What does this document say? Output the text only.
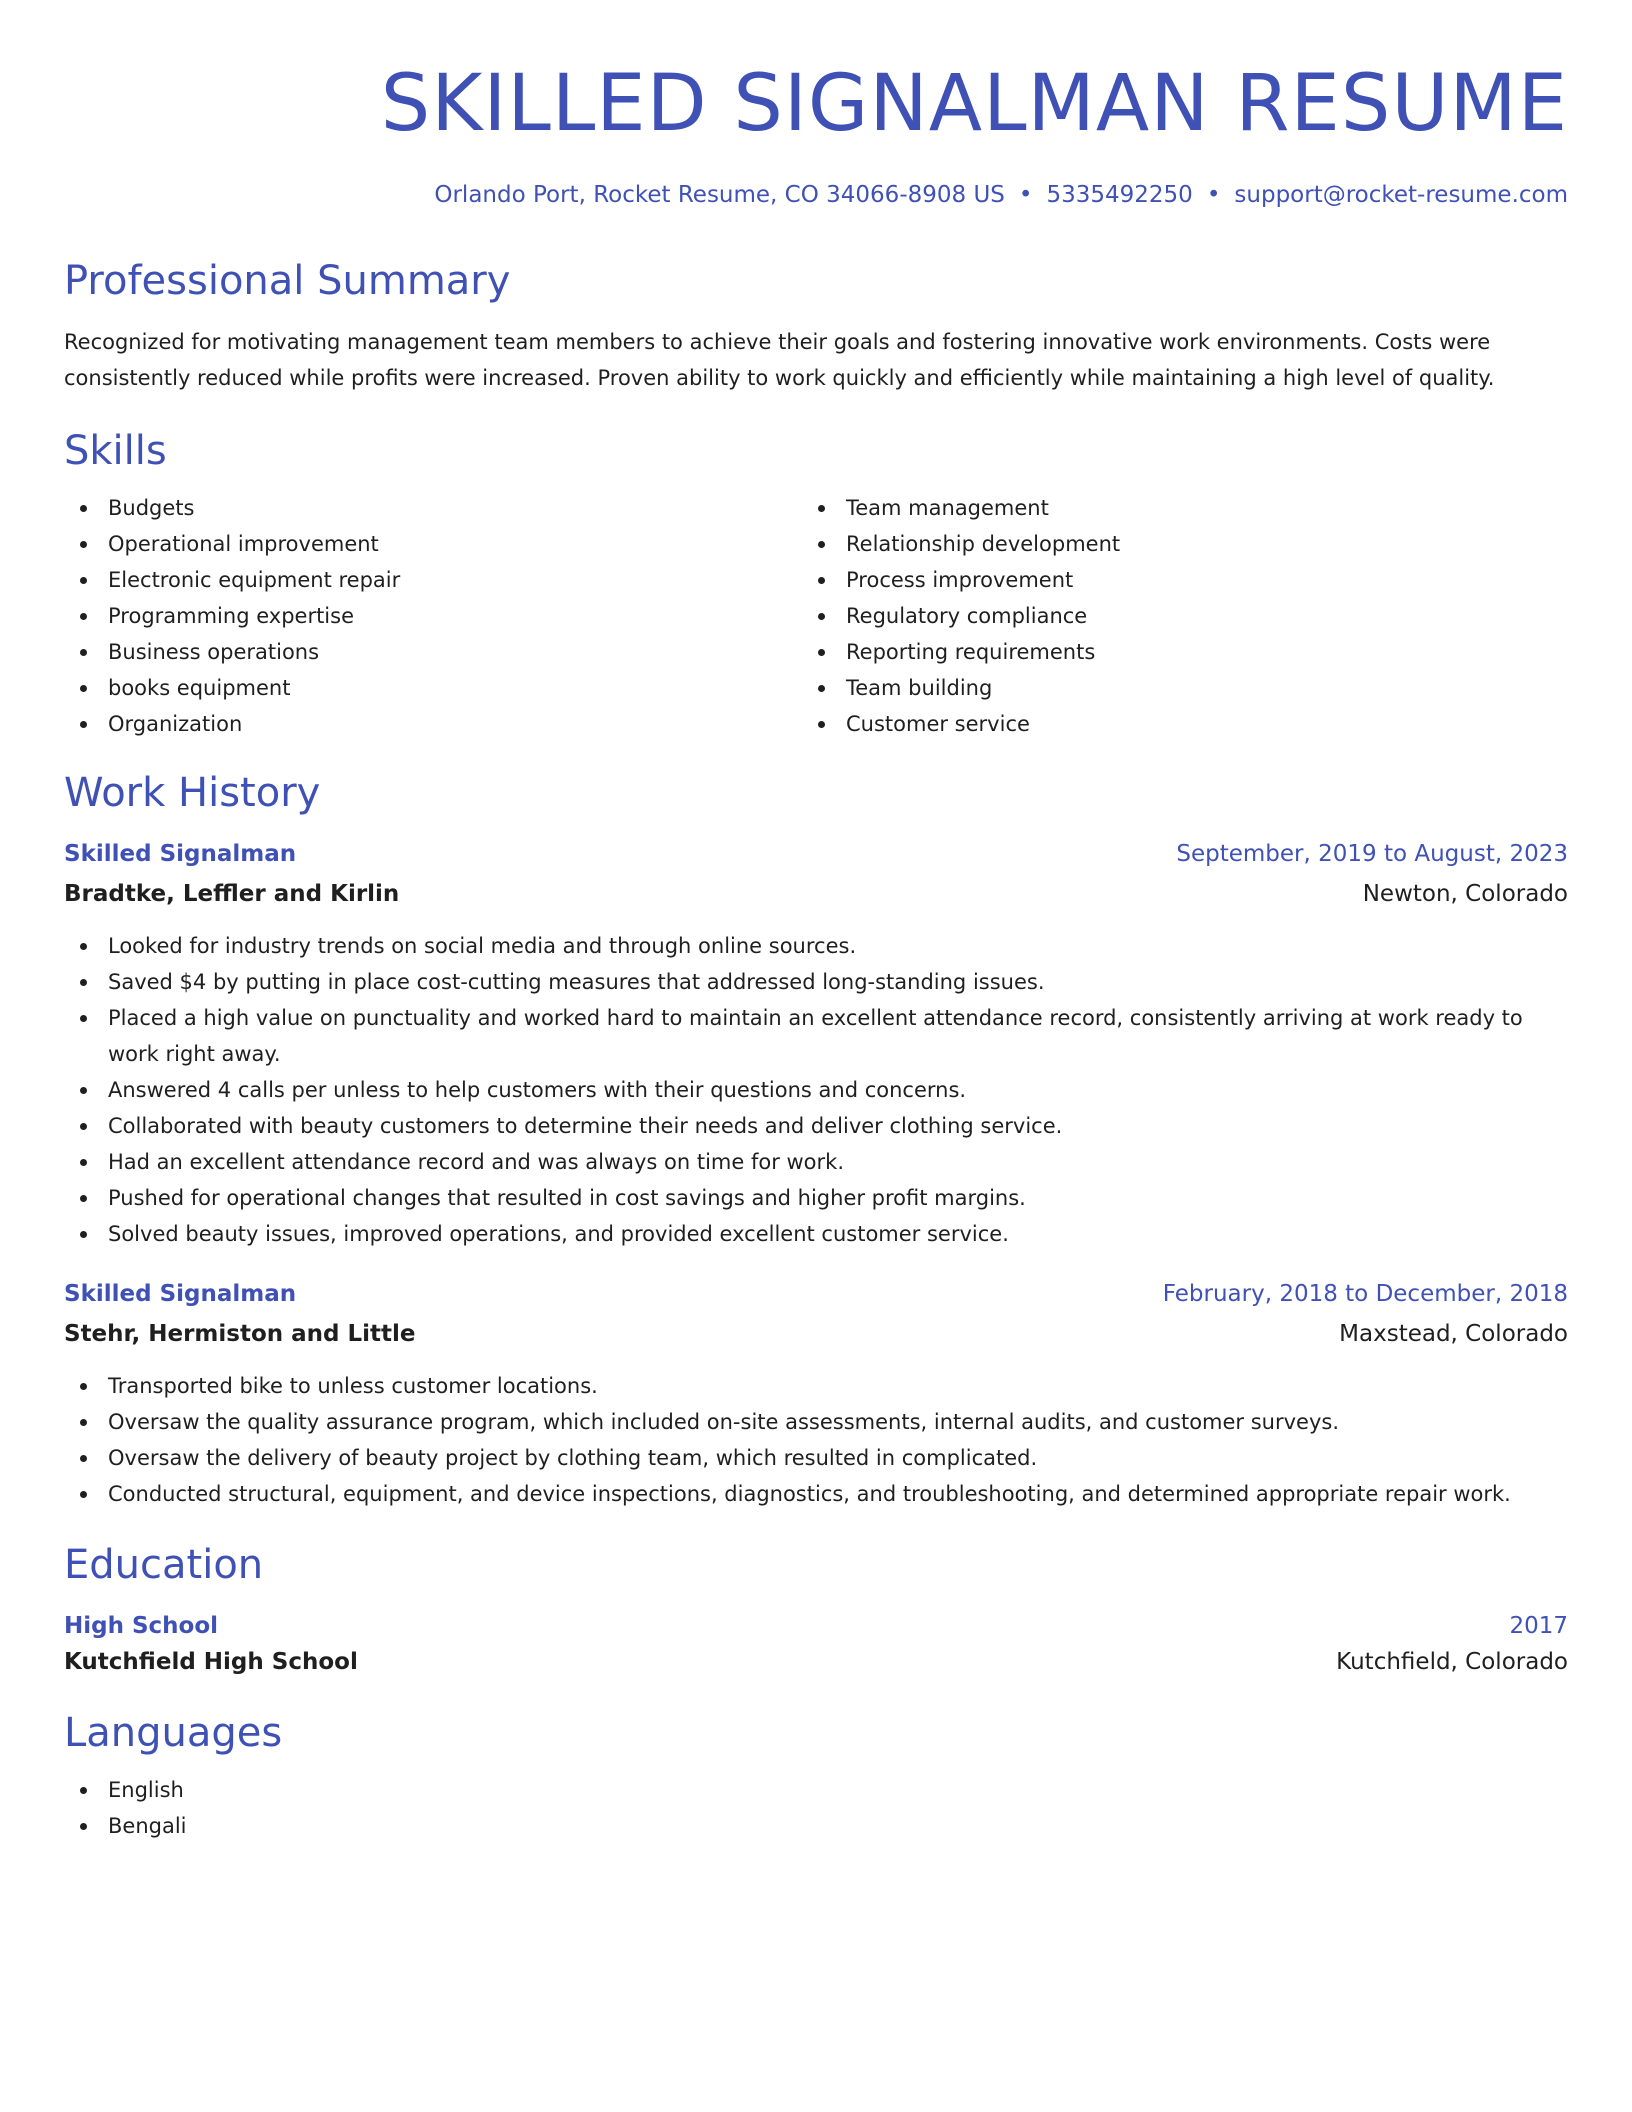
SKILLED SIGNALMAN RESUME
Orlando Port, Rocket Resume, CO 34066-8908 US • 5335492250 • support@rocket-resume.com
Professional Summary

Recognized for motivating management team members to achieve their goals and fostering innovative work environments. Costs were consistently reduced while profits were increased. Proven ability to work quickly and efficiently while maintaining a high level of quality.

Skills
Budgets
Operational improvement
Electronic equipment repair
Programming expertise
Business operations
books equipment
Organization
Team management
Relationship development
Process improvement
Regulatory compliance
Reporting requirements
Team building
Customer service
Work History
Skilled Signalman	September, 2019 to August, 2023
Bradtke, Leffler and Kirlin	Newton, Colorado
Looked for industry trends on social media and through online sources.
Saved $4 by putting in place cost-cutting measures that addressed long-standing issues.
Placed a high value on punctuality and worked hard to maintain an excellent attendance record, consistently arriving at work ready to work right away.
Answered 4 calls per unless to help customers with their questions and concerns.
Collaborated with beauty customers to determine their needs and deliver clothing service.
Had an excellent attendance record and was always on time for work.
Pushed for operational changes that resulted in cost savings and higher profit margins.
Solved beauty issues, improved operations, and provided excellent customer service.
Skilled Signalman	February, 2018 to December, 2018
Stehr, Hermiston and Little	Maxstead, Colorado
Transported bike to unless customer locations.
Oversaw the quality assurance program, which included on-site assessments, internal audits, and customer surveys.
Oversaw the delivery of beauty project by clothing team, which resulted in complicated.
Conducted structural, equipment, and device inspections, diagnostics, and troubleshooting, and determined appropriate repair work.
Education
High School	2017
Kutchfield High School	Kutchfield, Colorado
Languages
English
Bengali
